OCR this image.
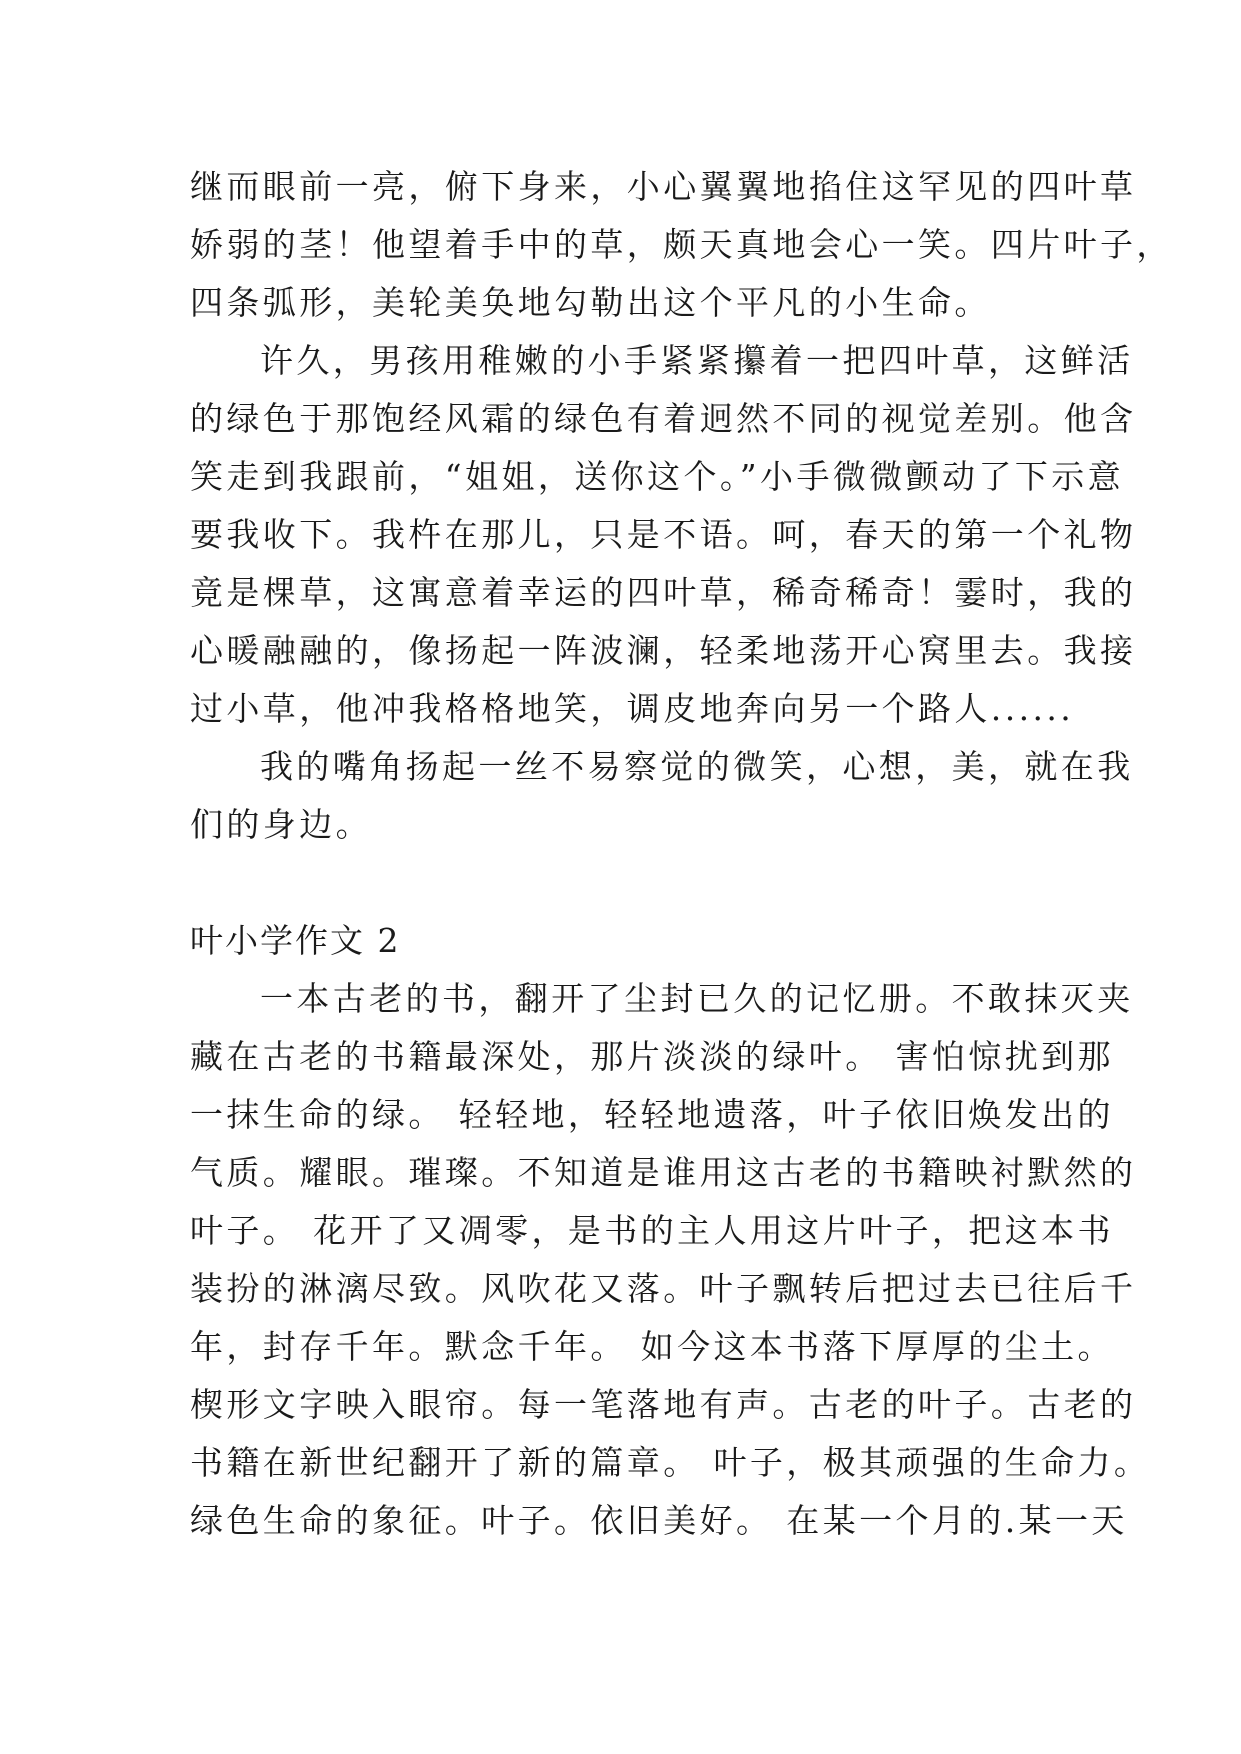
继而眼前一亮，俯下身来，小心翼翼地掐住这罕见的四叶草
娇弱的茎！他望着手中的草，颇天真地会心一笑。四片叶子，
四条弧形，美轮美奂地勾勒出这个平凡的小生命。
许久，男孩用稚嫩的小手紧紧攥着一把四叶草，这鲜活
的绿色于那饱经风霜的绿色有着迥然不同的视觉差别。他含
笑走到我跟前，“姐姐，送你这个。”小手微微颤动了下示意
要我收下。我杵在那儿，只是不语。呵，春天的第一个礼物
竟是棵草，这寓意着幸运的四叶草，稀奇稀奇！霎时，我的
心暖融融的，像扬起一阵波澜，轻柔地荡开心窝里去。我接
过小草，他冲我格格地笑，调皮地奔向另一个路人......
我的嘴角扬起一丝不易察觉的微笑，心想，美，就在我
们的身边。
叶小学作文 2
一本古老的书，翻开了尘封已久的记忆册。不敢抹灭夹
藏在古老的书籍最深处，那片淡淡的绿叶。 害怕惊扰到那
一抹生命的绿。 轻轻地，轻轻地遗落，叶子依旧焕发出的
气质。耀眼。璀璨。不知道是谁用这古老的书籍映衬默然的
叶子。 花开了又凋零，是书的主人用这片叶子，把这本书
装扮的淋漓尽致。风吹花又落。叶子飘转后把过去已往后千
年，封存千年。默念千年。 如今这本书落下厚厚的尘土。
楔形文字映入眼帘。每一笔落地有声。古老的叶子。古老的
书籍在新世纪翻开了新的篇章。 叶子，极其顽强的生命力。
绿色生命的象征。叶子。依旧美好。 在某一个月的.某一天
